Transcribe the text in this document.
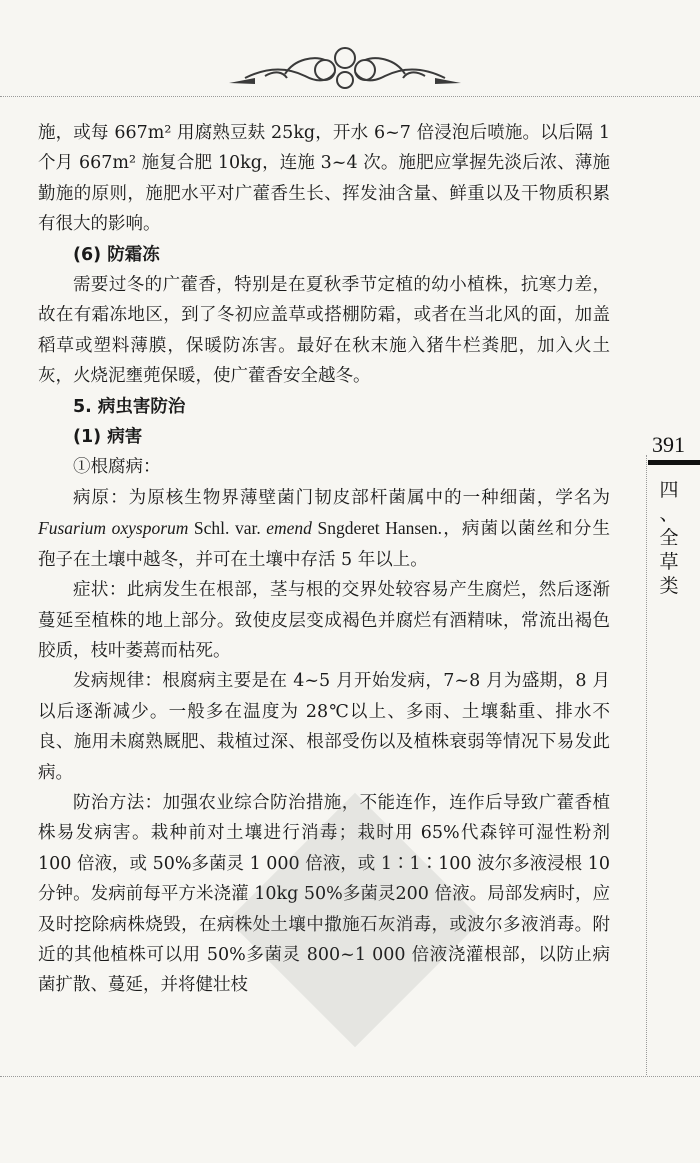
施，或每 667m² 用腐熟豆麸 25kg，开水 6~7 倍浸泡后喷施。以后隔 1 个月 667m² 施复合肥 10kg，连施 3~4 次。施肥应掌握先淡后浓、薄施勤施的原则，施肥水平对广藿香生长、挥发油含量、鲜重以及干物质积累有很大的影响。

(6) 防霜冻

需要过冬的广藿香，特别是在夏秋季节定植的幼小植株，抗寒力差，故在有霜冻地区，到了冬初应盖草或搭棚防霜，或者在当北风的面，加盖稻草或塑料薄膜，保暖防冻害。最好在秋末施入猪牛栏粪肥，加入火土灰，火烧泥壅蔸保暖，使广藿香安全越冬。

5. 病虫害防治

(1) 病害

①根腐病：

病原：为原核生物界薄壁菌门韧皮部杆菌属中的一种细菌，学名为 Fusarium oxysporum Schl. var. emend Sngderet Hansen.，病菌以菌丝和分生孢子在土壤中越冬，并可在土壤中存活 5 年以上。

症状：此病发生在根部，茎与根的交界处较容易产生腐烂，然后逐渐蔓延至植株的地上部分。致使皮层变成褐色并腐烂有酒精味，常流出褐色胶质，枝叶萎蔫而枯死。

发病规律：根腐病主要是在 4~5 月开始发病，7~8 月为盛期，8 月以后逐渐减少。一般多在温度为 28℃以上、多雨、土壤黏重、排水不良、施用未腐熟厩肥、栽植过深、根部受伤以及植株衰弱等情况下易发此病。

防治方法：加强农业综合防治措施，不能连作，连作后导致广藿香植株易发病害。栽种前对土壤进行消毒；栽时用 65%代森锌可湿性粉剂 100 倍液，或 50%多菌灵 1 000 倍液，或 1∶1∶100 波尔多液浸根 10 分钟。发病前每平方米浇灌 10kg 50%多菌灵200 倍液。局部发病时，应及时挖除病株烧毁，在病株处土壤中撒施石灰消毒，或波尔多液消毒。附近的其他植株可以用 50%多菌灵 800~1 000 倍液浇灌根部，以防止病菌扩散、蔓延，并将健壮枝

391
四
、
全
草
类
